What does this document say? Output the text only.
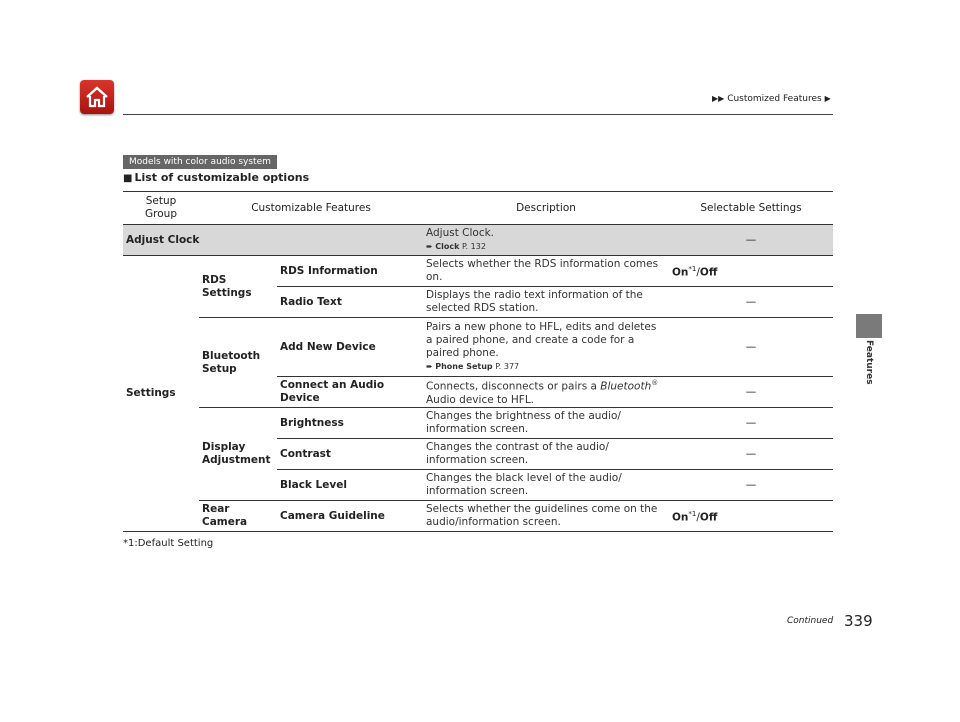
▶▶ Customized Features ▶
Features
Models with color audio system
■ List of customizable options
Setup Group	Customizable Features		Description	Selectable Settings
Adjust Clock			Adjust Clock.
➨ Clock P. 132	—
Settings	RDS Settings	RDS Information	Selects whether the RDS information comes on.	On$^{*1}$/Off
		Radio Text	Displays the radio text information of the selected RDS station.	—
	Bluetooth Setup	Add New Device	Pairs a new phone to HFL, edits and deletes a paired phone, and create a code for a paired phone.
➨ Phone Setup P. 377	—
		Connect an Audio Device	Connects, disconnects or pairs a Bluetooth® Audio device to HFL.	—
	Display Adjustment	Brightness	Changes the brightness of the audio/ information screen.	—
		Contrast	Changes the contrast of the audio/ information screen.	—
		Black Level	Changes the black level of the audio/ information screen.	—
	Rear Camera	Camera Guideline	Selects whether the guidelines come on the audio/information screen.	On$^{*1}$/Off
*1:Default Setting
Continued 339
